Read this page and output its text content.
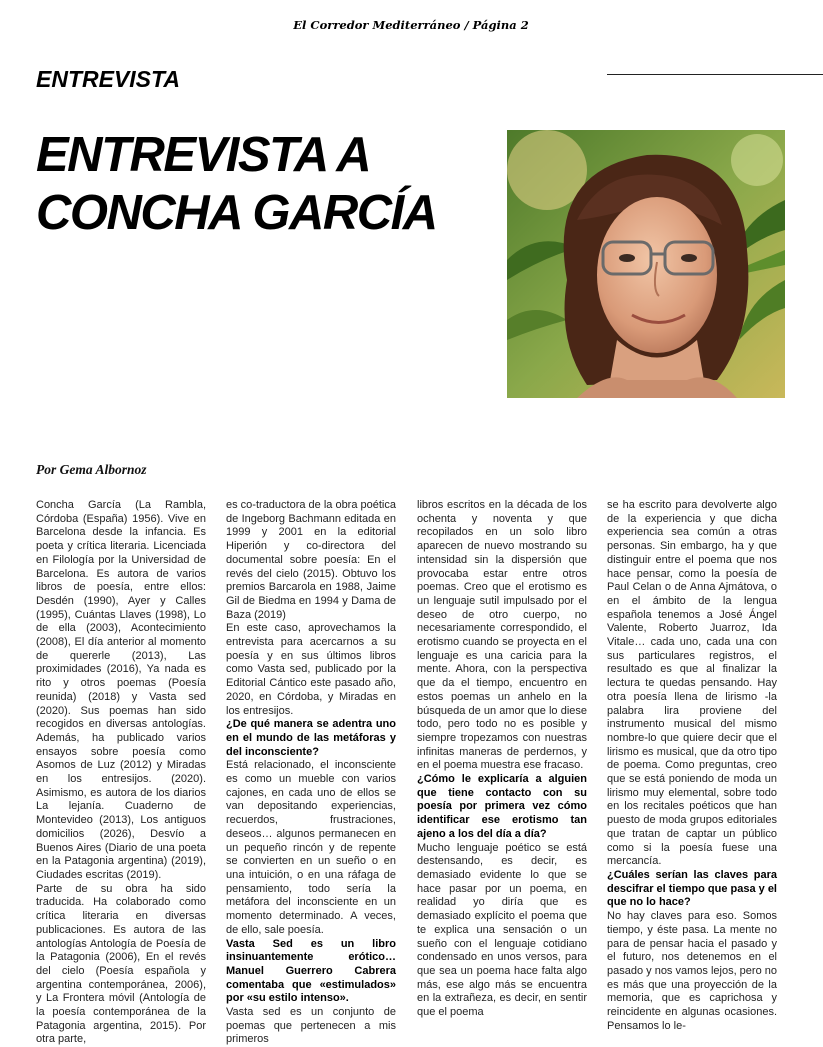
El Corredor Mediterráneo / Página 2
ENTREVISTA
ENTREVISTA A
CONCHA GARCÍA
Por Gema Albornoz

Concha García (La Rambla, Córdoba (España) 1956). Vive en Barcelona desde la infancia. Es poeta y crítica literaria. Licenciada en Filología por la Universidad de Barcelona. Es autora de varios libros de poesía, entre ellos: Desdén (1990), Ayer y Calles (1995), Cuántas Llaves (1998), Lo de ella (2003), Acontecimiento (2008), El día anterior al momento de quererle (2013), Las proximidades (2016), Ya nada es rito y otros poemas (Poesía reunida) (2018) y Vasta sed (2020). Sus poemas han sido recogidos en diversas antologías. Además, ha publicado varios ensayos sobre poesía como Asomos de Luz (2012) y Miradas en los entresijos. (2020). Asimismo, es autora de los diarios La lejanía. Cuaderno de Montevideo (2013), Los antiguos domicilios (2026), Desvío a Buenos Aires (Diario de una poeta en la Patagonia argentina) (2019), Ciudades escritas (2019).

Parte de su obra ha sido traducida. Ha colaborado como crítica literaria en diversas publicaciones. Es autora de las antologías Antología de Poesía de la Patagonia (2006), En el revés del cielo (Poesía española y argentina contemporánea, 2006), y La Frontera móvil (Antología de la poesía contemporánea de la Patagonia argentina, 2015). Por otra parte,

es co-traductora de la obra poética de Ingeborg Bachmann editada en 1999 y 2001 en la editorial Hiperión y co-directora del documental sobre poesía: En el revés del cielo (2015). Obtuvo los premios Barcarola en 1988, Jaime Gil de Biedma en 1994 y Dama de Baza (2019)

En este caso, aprovechamos la entrevista para acercarnos a su poesía y en sus últimos libros como Vasta sed, publicado por la Editorial Cántico este pasado año, 2020, en Córdoba, y Miradas en los entresijos.

¿De qué manera se adentra uno en el mundo de las metáforas y del inconsciente?

Está relacionado, el inconsciente es como un mueble con varios cajones, en cada uno de ellos se van depositando experiencias, recuerdos, frustraciones, deseos… algunos permanecen en un pequeño rincón y de repente se convierten en un sueño o en una intuición, o en una ráfaga de pensamiento, todo sería la metáfora del inconsciente en un momento determinado. A veces, de ello, sale poesía.

Vasta Sed es un libro insinuantemente erótico…Manuel Guerrero Cabrera comentaba que «estimulados» por «su estilo intenso».

Vasta sed es un conjunto de poemas que pertenecen a mis primeros

libros escritos en la década de los ochenta y noventa y que recopilados en un solo libro aparecen de nuevo mostrando su intensidad sin la dispersión que provocaba estar entre otros poemas. Creo que el erotismo es un lenguaje sutil impulsado por el deseo de otro cuerpo, no necesariamente correspondido, el erotismo cuando se proyecta en el lenguaje es una caricia para la mente. Ahora, con la perspectiva que da el tiempo, encuentro en estos poemas un anhelo en la búsqueda de un amor que lo diese todo, pero todo no es posible y siempre tropezamos con nuestras infinitas maneras de perdernos, y en el poema muestra ese fracaso.

¿Cómo le explicaría a alguien que tiene contacto con su poesía por primera vez cómo identificar ese erotismo tan ajeno a los del día a día?

Mucho lenguaje poético se está destensando, es decir, es demasiado evidente lo que se hace pasar por un poema, en realidad yo diría que es demasiado explícito el poema que te explica una sensación o un sueño con el lenguaje cotidiano condensado en unos versos, para que sea un poema hace falta algo más, ese algo más se encuentra en la extrañeza, es decir, en sentir que el poema

se ha escrito para devolverte algo de la experiencia y que dicha experiencia sea común a otras personas. Sin embargo, ha y que distinguir entre el poema que nos hace pensar, como la poesía de Paul Celan o de Anna Ajmátova, o en el ámbito de la lengua española tenemos a José Ángel Valente, Roberto Juarroz, Ida Vitale… cada uno, cada una con sus particulares registros, el resultado es que al finalizar la lectura te quedas pensando. Hay otra poesía llena de lirismo -la palabra lira proviene del instrumento musical del mismo nombre-lo que quiere decir que el lirismo es musical, que da otro tipo de poema. Como preguntas, creo que se está poniendo de moda un lirismo muy elemental, sobre todo en los recitales poéticos que han puesto de moda grupos editoriales que tratan de captar un público como si la poesía fuese una mercancía.

¿Cuáles serían las claves para descifrar el tiempo que pasa y el que no lo hace?

No hay claves para eso. Somos tiempo, y éste pasa. La mente no para de pensar hacia el pasado y el futuro, nos detenemos en el pasado y nos vamos lejos, pero no es más que una proyección de la memoria, que es caprichosa y reincidente en algunas ocasiones. Pensamos lo le-
